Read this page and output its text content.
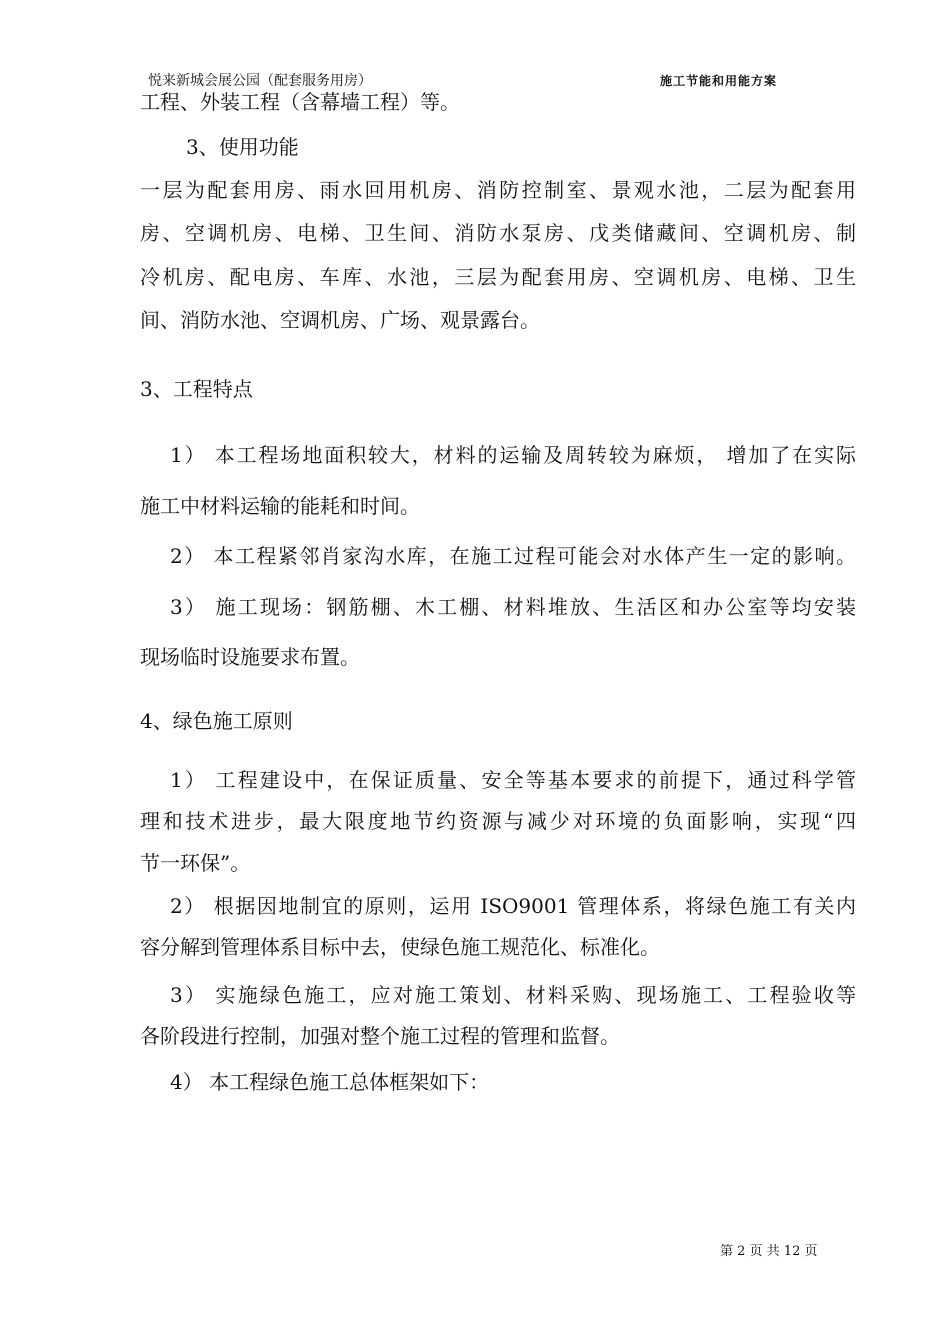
悦来新城会展公园（配套服务用房）	施工节能和用能方案
工程、外装工程（含幕墙工程）等。
3、使用功能
一层为配套用房、雨水回用机房、消防控制室、景观水池，二层为配套用
房、空调机房、电梯、卫生间、消防水泵房、戊类储藏间、空调机房、制
冷机房、配电房、车库、水池，三层为配套用房、空调机房、电梯、卫生
间、消防水池、空调机房、广场、观景露台。
3、工程特点
1） 本工程场地面积较大，材料的运输及周转较为麻烦， 增加了在实际
施工中材料运输的能耗和时间。
2） 本工程紧邻肖家沟水库，在施工过程可能会对水体产生一定的影响。
3） 施工现场：钢筋棚、木工棚、材料堆放、生活区和办公室等均安装
现场临时设施要求布置。
4、绿色施工原则
1） 工程建设中，在保证质量、安全等基本要求的前提下，通过科学管
理和技术进步，最大限度地节约资源与减少对环境的负面影响，实现“四
节一环保”。
2） 根据因地制宜的原则，运用 ISO9001 管理体系，将绿色施工有关内
容分解到管理体系目标中去，使绿色施工规范化、标准化。
3） 实施绿色施工，应对施工策划、材料采购、现场施工、工程验收等
各阶段进行控制，加强对整个施工过程的管理和监督。
4） 本工程绿色施工总体框架如下：
第 2 页 共 12 页
